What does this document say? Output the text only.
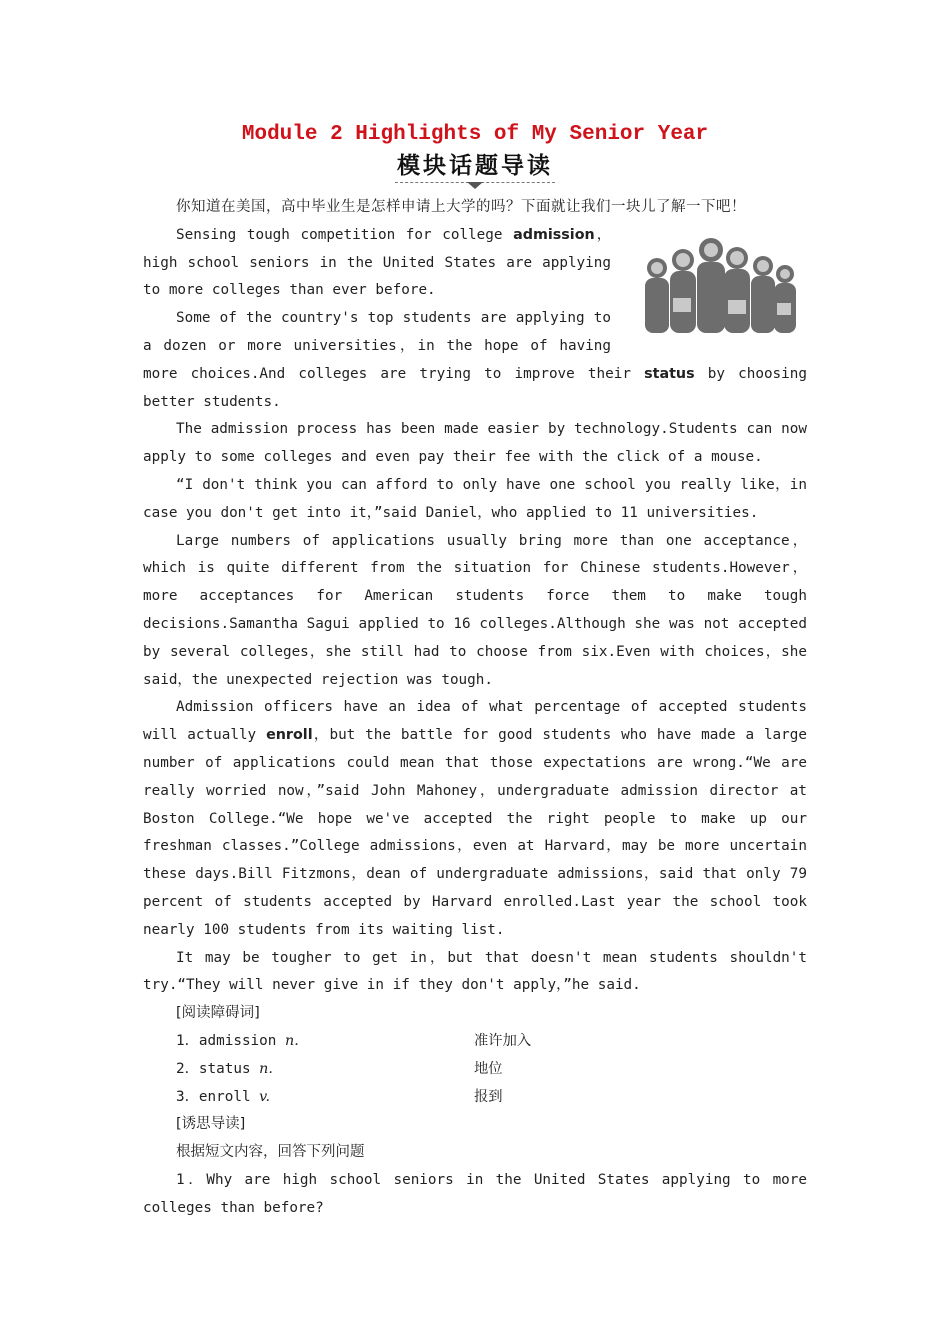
Module 2 Highlights of My Senior Year
模块话题导读

你知道在美国，高中毕业生是怎样申请上大学的吗？下面就让我们一块儿了解一下吧！

Sensing tough competition for college admission，high school seniors in the United States are applying to more colleges than ever before.

Some of the country's top students are applying to a dozen or more universities，in the hope of having more choices.And colleges are trying to improve their status by choosing better students.

The admission process has been made easier by technology.Students can now apply to some colleges and even pay their fee with the click of a mouse.

“I don't think you can afford to only have one school you really like，in case you don't get into it，”said Daniel，who applied to 11 universities.

Large numbers of applications usually bring more than one acceptance，which is quite different from the situation for Chinese students.However，more acceptances for American students force them to make tough decisions.Samantha Sagui applied to 16 colleges.Although she was not accepted by several colleges，she still had to choose from six.Even with choices，she said，the unexpected rejection was tough.

Admission officers have an idea of what percentage of accepted students will actually enroll，but the battle for good students who have made a large number of applications could mean that those expectations are wrong.“We are really worried now，”said John Mahoney，undergraduate admission director at Boston College.“We hope we've accepted the right people to make up our freshman classes.”College admissions，even at Harvard，may be more uncertain these days.Bill Fitzmons，dean of undergraduate admissions，said that only 79 percent of students accepted by Harvard enrolled.Last year the school took nearly 100 students from its waiting list.

It may be tougher to get in，but that doesn't mean students shouldn't try.“They will never give in if they don't apply，”he said.

[阅读障碍词]
1．admission n.	准许加入
2．status n.	地位
3．enroll v.	报到
[诱思导读]
根据短文内容，回答下列问题

1．Why are high school seniors in the United States applying to more colleges than before?
